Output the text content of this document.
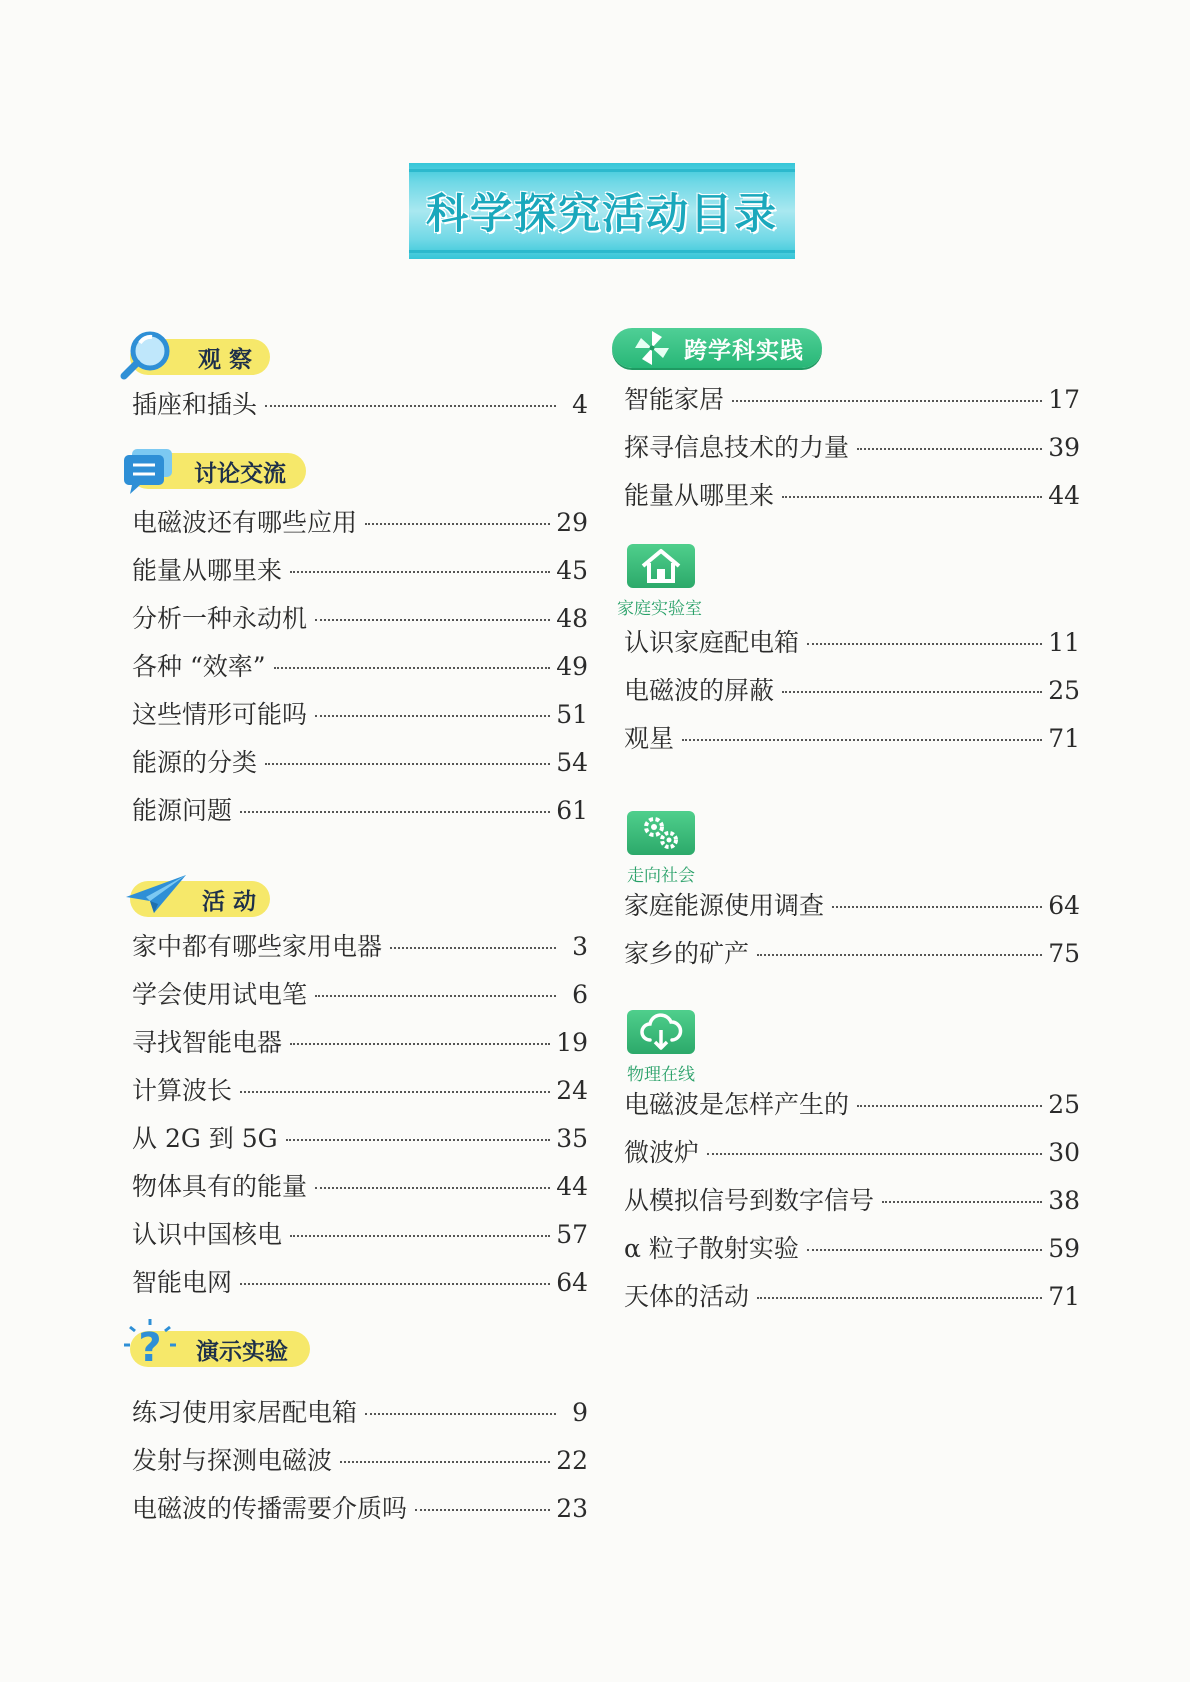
科学探究活动目录
观 察
插座和插头	4
讨论交流
电磁波还有哪些应用	29
能量从哪里来	45
分析一种永动机	48
各种 “效率”	49
这些情形可能吗	51
能源的分类	54
能源问题	61
活 动
家中都有哪些家用电器	3
学会使用试电笔	6
寻找智能电器	19
计算波长	24
从 2G 到 5G	35
物体具有的能量	44
认识中国核电	57
智能电网	64
? 演示实验
练习使用家居配电箱	9
发射与探测电磁波	22
电磁波的传播需要介质吗	23
跨学科实践
智能家居	17
探寻信息技术的力量	39
能量从哪里来	44
家庭实验室
认识家庭配电箱	11
电磁波的屏蔽	25
观星	71
走向社会
家庭能源使用调查	64
家乡的矿产	75
物理在线
电磁波是怎样产生的	25
微波炉	30
从模拟信号到数字信号	38
α 粒子散射实验	59
天体的活动	71
